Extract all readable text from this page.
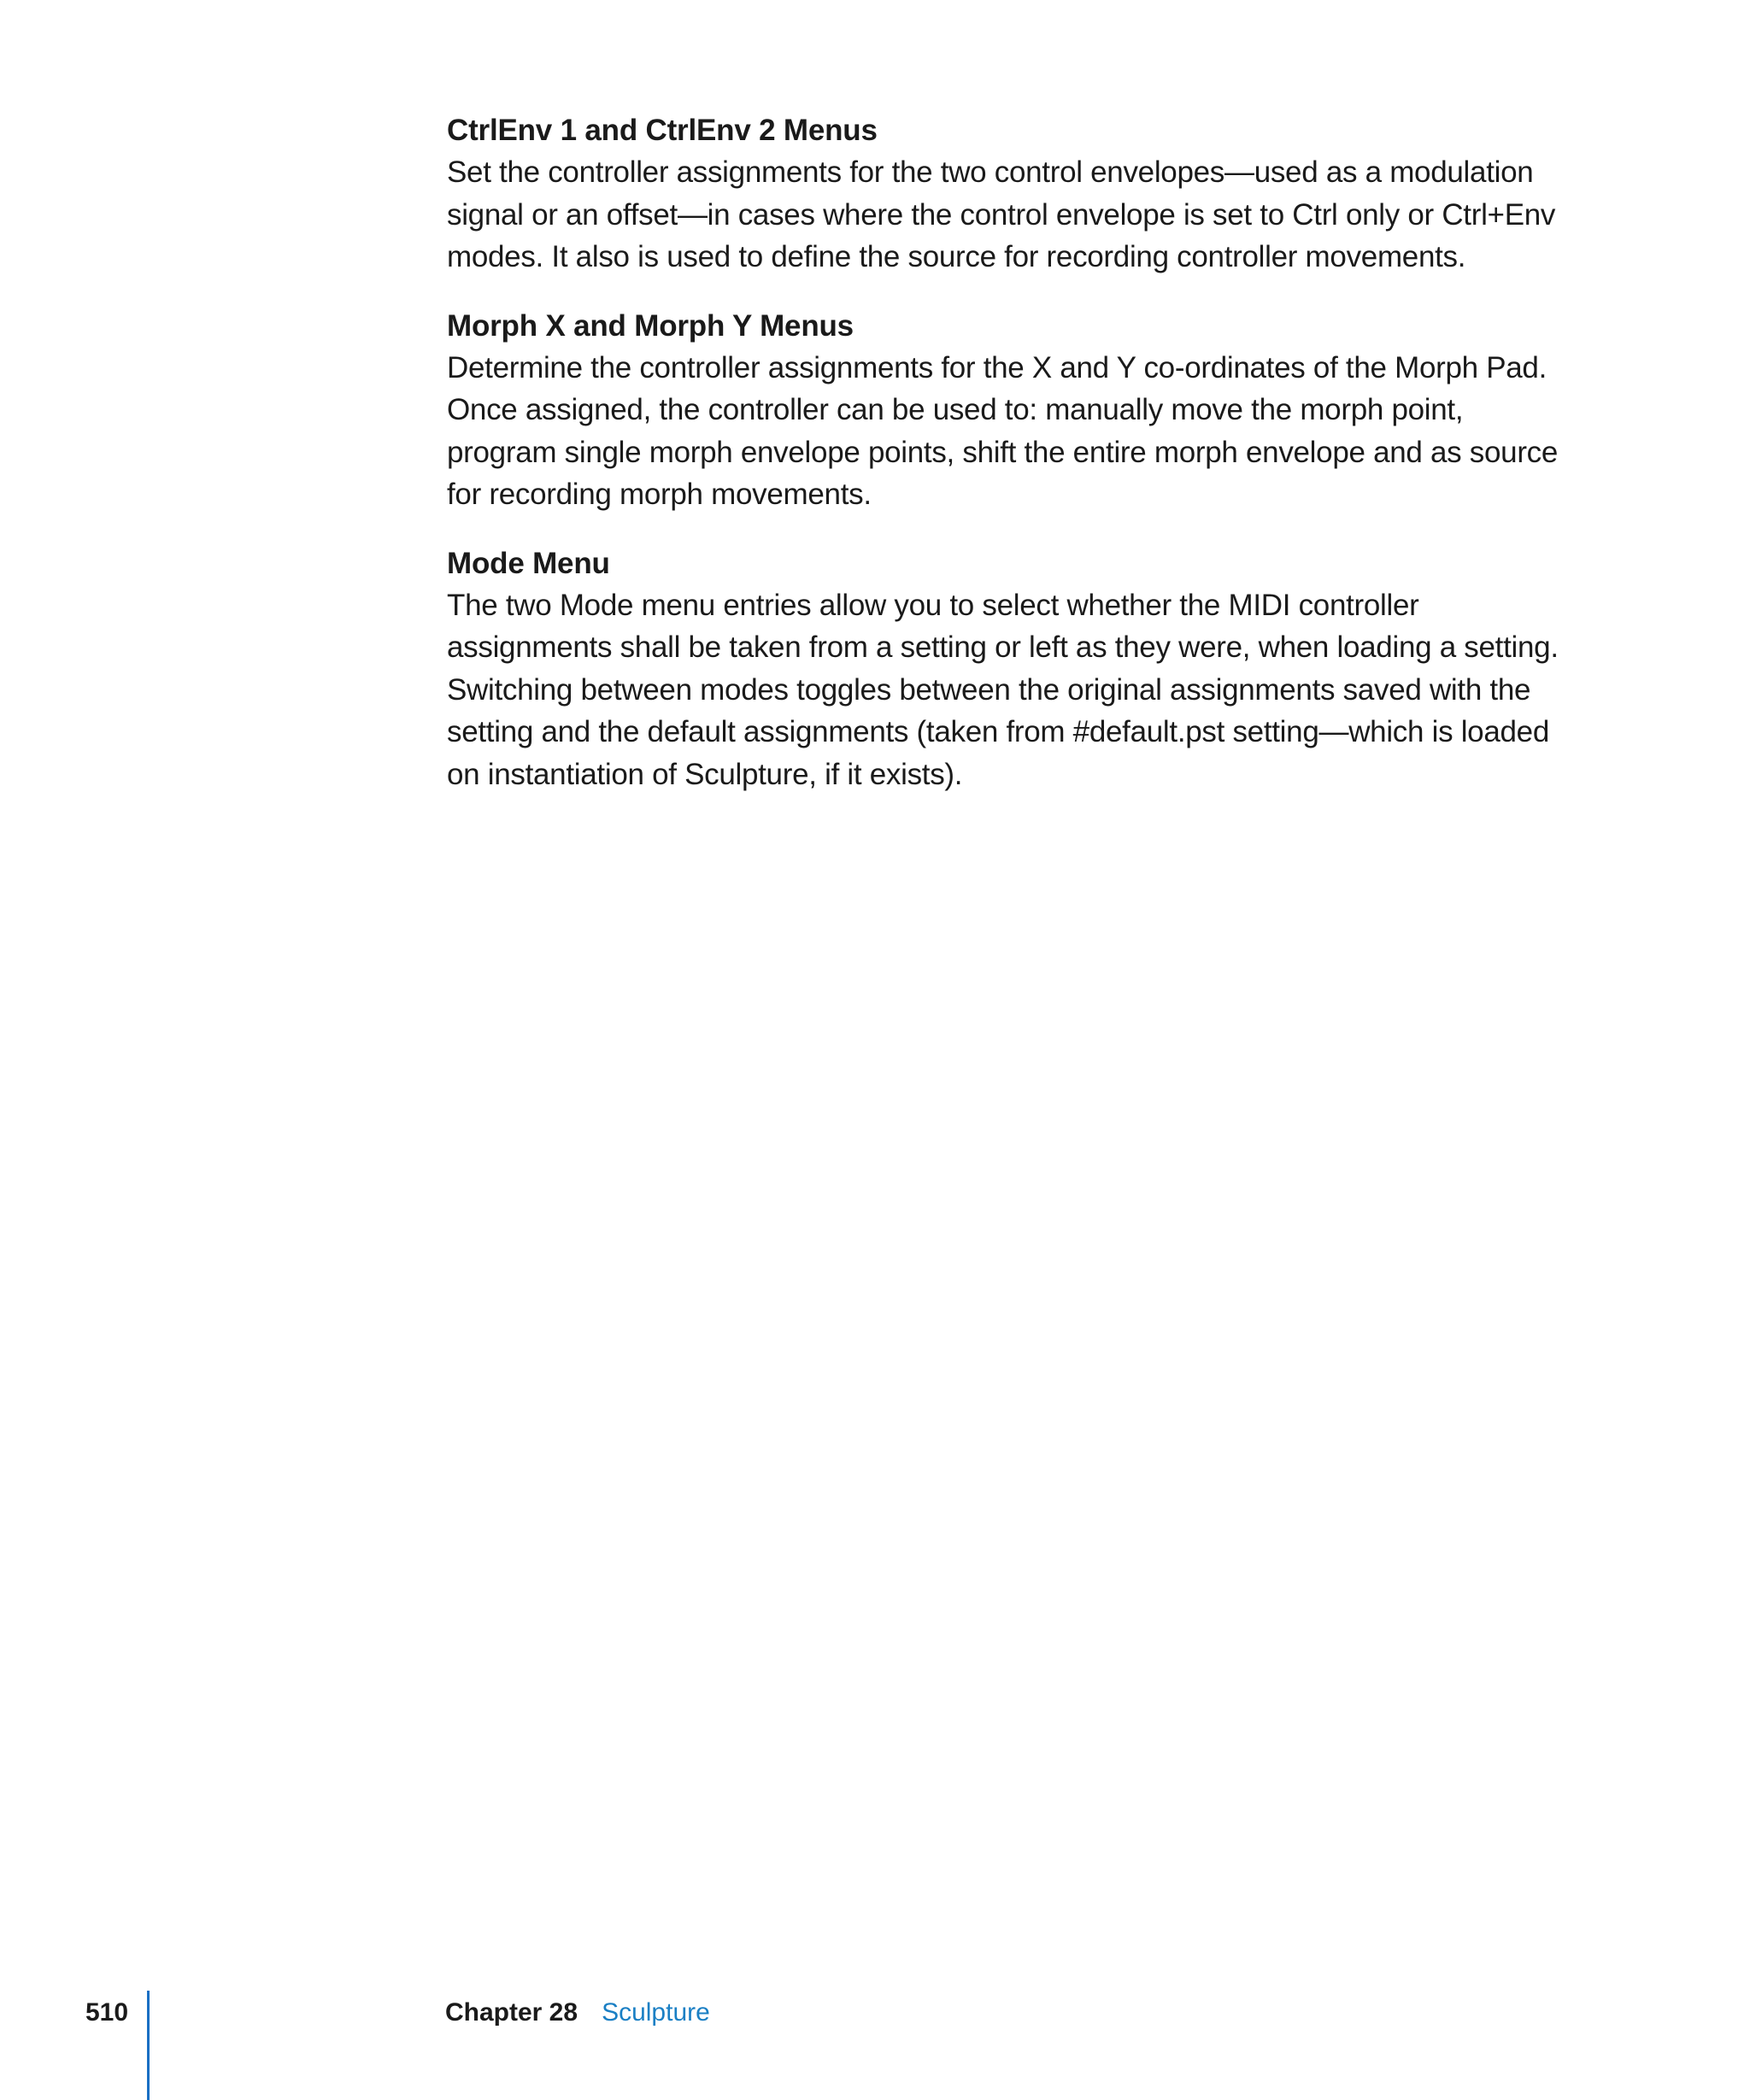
CtrlEnv 1 and CtrlEnv 2 Menus

Set the controller assignments for the two control envelopes—used as a modulation
signal or an offset—in cases where the control envelope is set to Ctrl only or Ctrl+Env
modes. It also is used to define the source for recording controller movements.

Morph X and Morph Y Menus

Determine the controller assignments for the X and Y co-ordinates of the Morph Pad.
Once assigned, the controller can be used to: manually move the morph point,
program single morph envelope points, shift the entire morph envelope and as source
for recording morph movements.

Mode Menu

The two Mode menu entries allow you to select whether the MIDI controller
assignments shall be taken from a setting or left as they were, when loading a setting.
Switching between modes toggles between the original assignments saved with the
setting and the default assignments (taken from #default.pst setting—which is loaded
on instantiation of Sculpture, if it exists).

510	Chapter 28 Sculpture
